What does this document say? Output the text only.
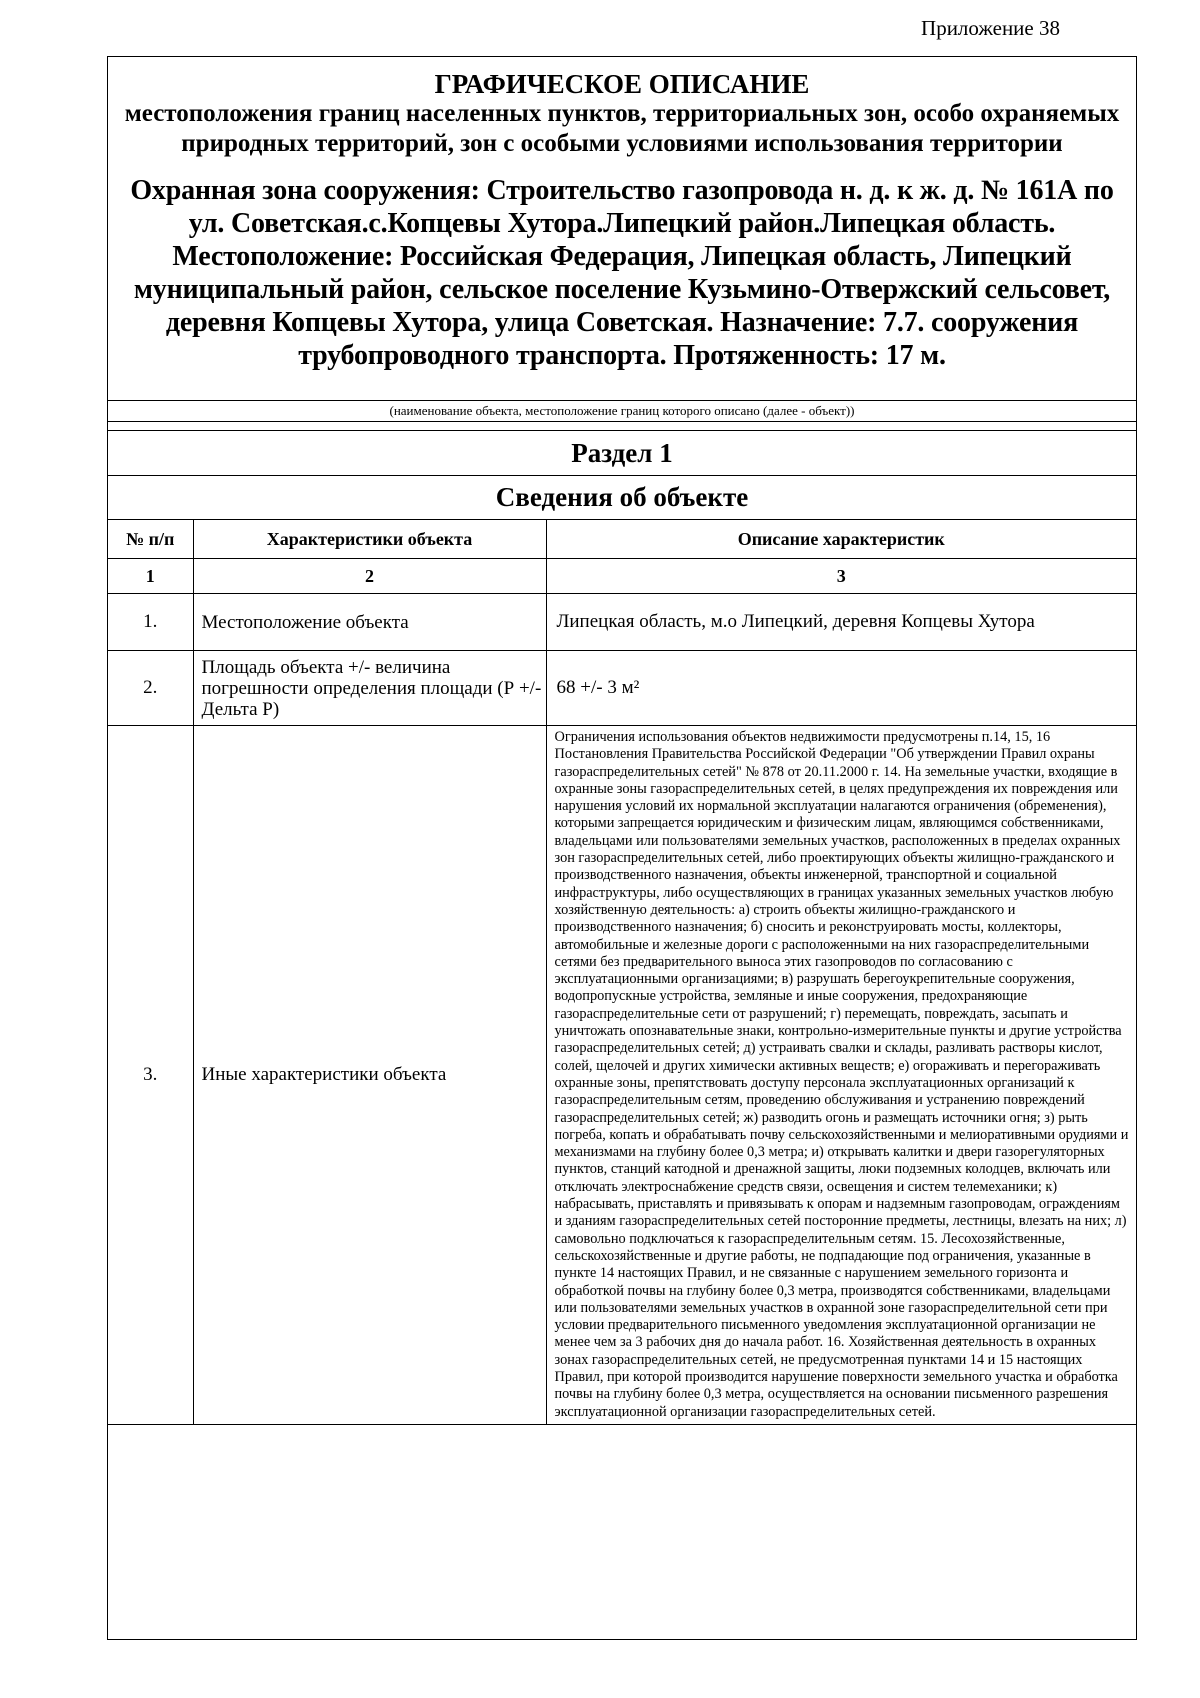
Приложение 38
ГРАФИЧЕСКОЕ ОПИСАНИЕ
местоположения границ населенных пунктов, территориальных зон, особо охраняемых природных территорий, зон с особыми условиями использования территории
Охранная зона сооружения: Строительство газопровода н. д. к ж. д. № 161А по ул. Советская.с.Копцевы Хутора.Липецкий район.Липецкая область. Местоположение: Российская Федерация, Липецкая область, Липецкий муниципальный район, сельское поселение Кузьмино-Отвержский сельсовет, деревня Копцевы Хутора, улица Советская. Назначение: 7.7. сооружения трубопроводного транспорта. Протяженность: 17 м.
(наименование объекта, местоположение границ которого описано (далее - объект))
Раздел 1
Сведения об объекте
№ п/п	Характеристики объекта	Описание характеристик
1	2	3
1.	Местоположение объекта	Липецкая область, м.о Липецкий, деревня Копцевы Хутора
2.	Площадь объекта +/- величина погрешности определения площади (Р +/- Дельта Р)	68 +/- 3 м²
3.	Иные характеристики объекта	Ограничения использования объектов недвижимости предусмотрены п.14, 15, 16 Постановления Правительства Российской Федерации "Об утверждении Правил охраны газораспределительных сетей" № 878 от 20.11.2000 г. 14. На земельные участки, входящие в охранные зоны газораспределительных сетей, в целях предупреждения их повреждения или нарушения условий их нормальной эксплуатации налагаются ограничения (обременения), которыми запрещается юридическим и физическим лицам, являющимся собственниками, владельцами или пользователями земельных участков, расположенных в пределах охранных зон газораспределительных сетей, либо проектирующих объекты жилищно-гражданского и производственного назначения, объекты инженерной, транспортной и социальной инфраструктуры, либо осуществляющих в границах указанных земельных участков любую хозяйственную деятельность: а) строить объекты жилищно-гражданского и производственного назначения; б) сносить и реконструировать мосты, коллекторы, автомобильные и железные дороги с расположенными на них газораспределительными сетями без предварительного выноса этих газопроводов по согласованию с эксплуатационными организациями; в) разрушать берегоукрепительные сооружения, водопропускные устройства, земляные и иные сооружения, предохраняющие газораспределительные сети от разрушений; г) перемещать, повреждать, засыпать и уничтожать опознавательные знаки, контрольно-измерительные пункты и другие устройства газораспределительных сетей; д) устраивать свалки и склады, разливать растворы кислот, солей, щелочей и других химически активных веществ; е) огораживать и перегораживать охранные зоны, препятствовать доступу персонала эксплуатационных организаций к газораспределительным сетям, проведению обслуживания и устранению повреждений газораспределительных сетей; ж) разводить огонь и размещать источники огня; з) рыть погреба, копать и обрабатывать почву сельскохозяйственными и мелиоративными орудиями и механизмами на глубину более 0,3 метра; и) открывать калитки и двери газорегуляторных пунктов, станций катодной и дренажной защиты, люки подземных колодцев, включать или отключать электроснабжение средств связи, освещения и систем телемеханики; к) набрасывать, приставлять и привязывать к опорам и надземным газопроводам, ограждениям и зданиям газораспределительных сетей посторонние предметы, лестницы, влезать на них; л) самовольно подключаться к газораспределительным сетям. 15. Лесохозяйственные, сельскохозяйственные и другие работы, не подпадающие под ограничения, указанные в пункте 14 настоящих Правил, и не связанные с нарушением земельного горизонта и обработкой почвы на глубину более 0,3 метра, производятся собственниками, владельцами или пользователями земельных участков в охранной зоне газораспределительной сети при условии предварительного письменного уведомления эксплуатационной организации не менее чем за 3 рабочих дня до начала работ. 16. Хозяйственная деятельность в охранных зонах газораспределительных сетей, не предусмотренная пунктами 14 и 15 настоящих Правил, при которой производится нарушение поверхности земельного участка и обработка почвы на глубину более 0,3 метра, осуществляется на основании письменного разрешения эксплуатационной организации газораспределительных сетей.
